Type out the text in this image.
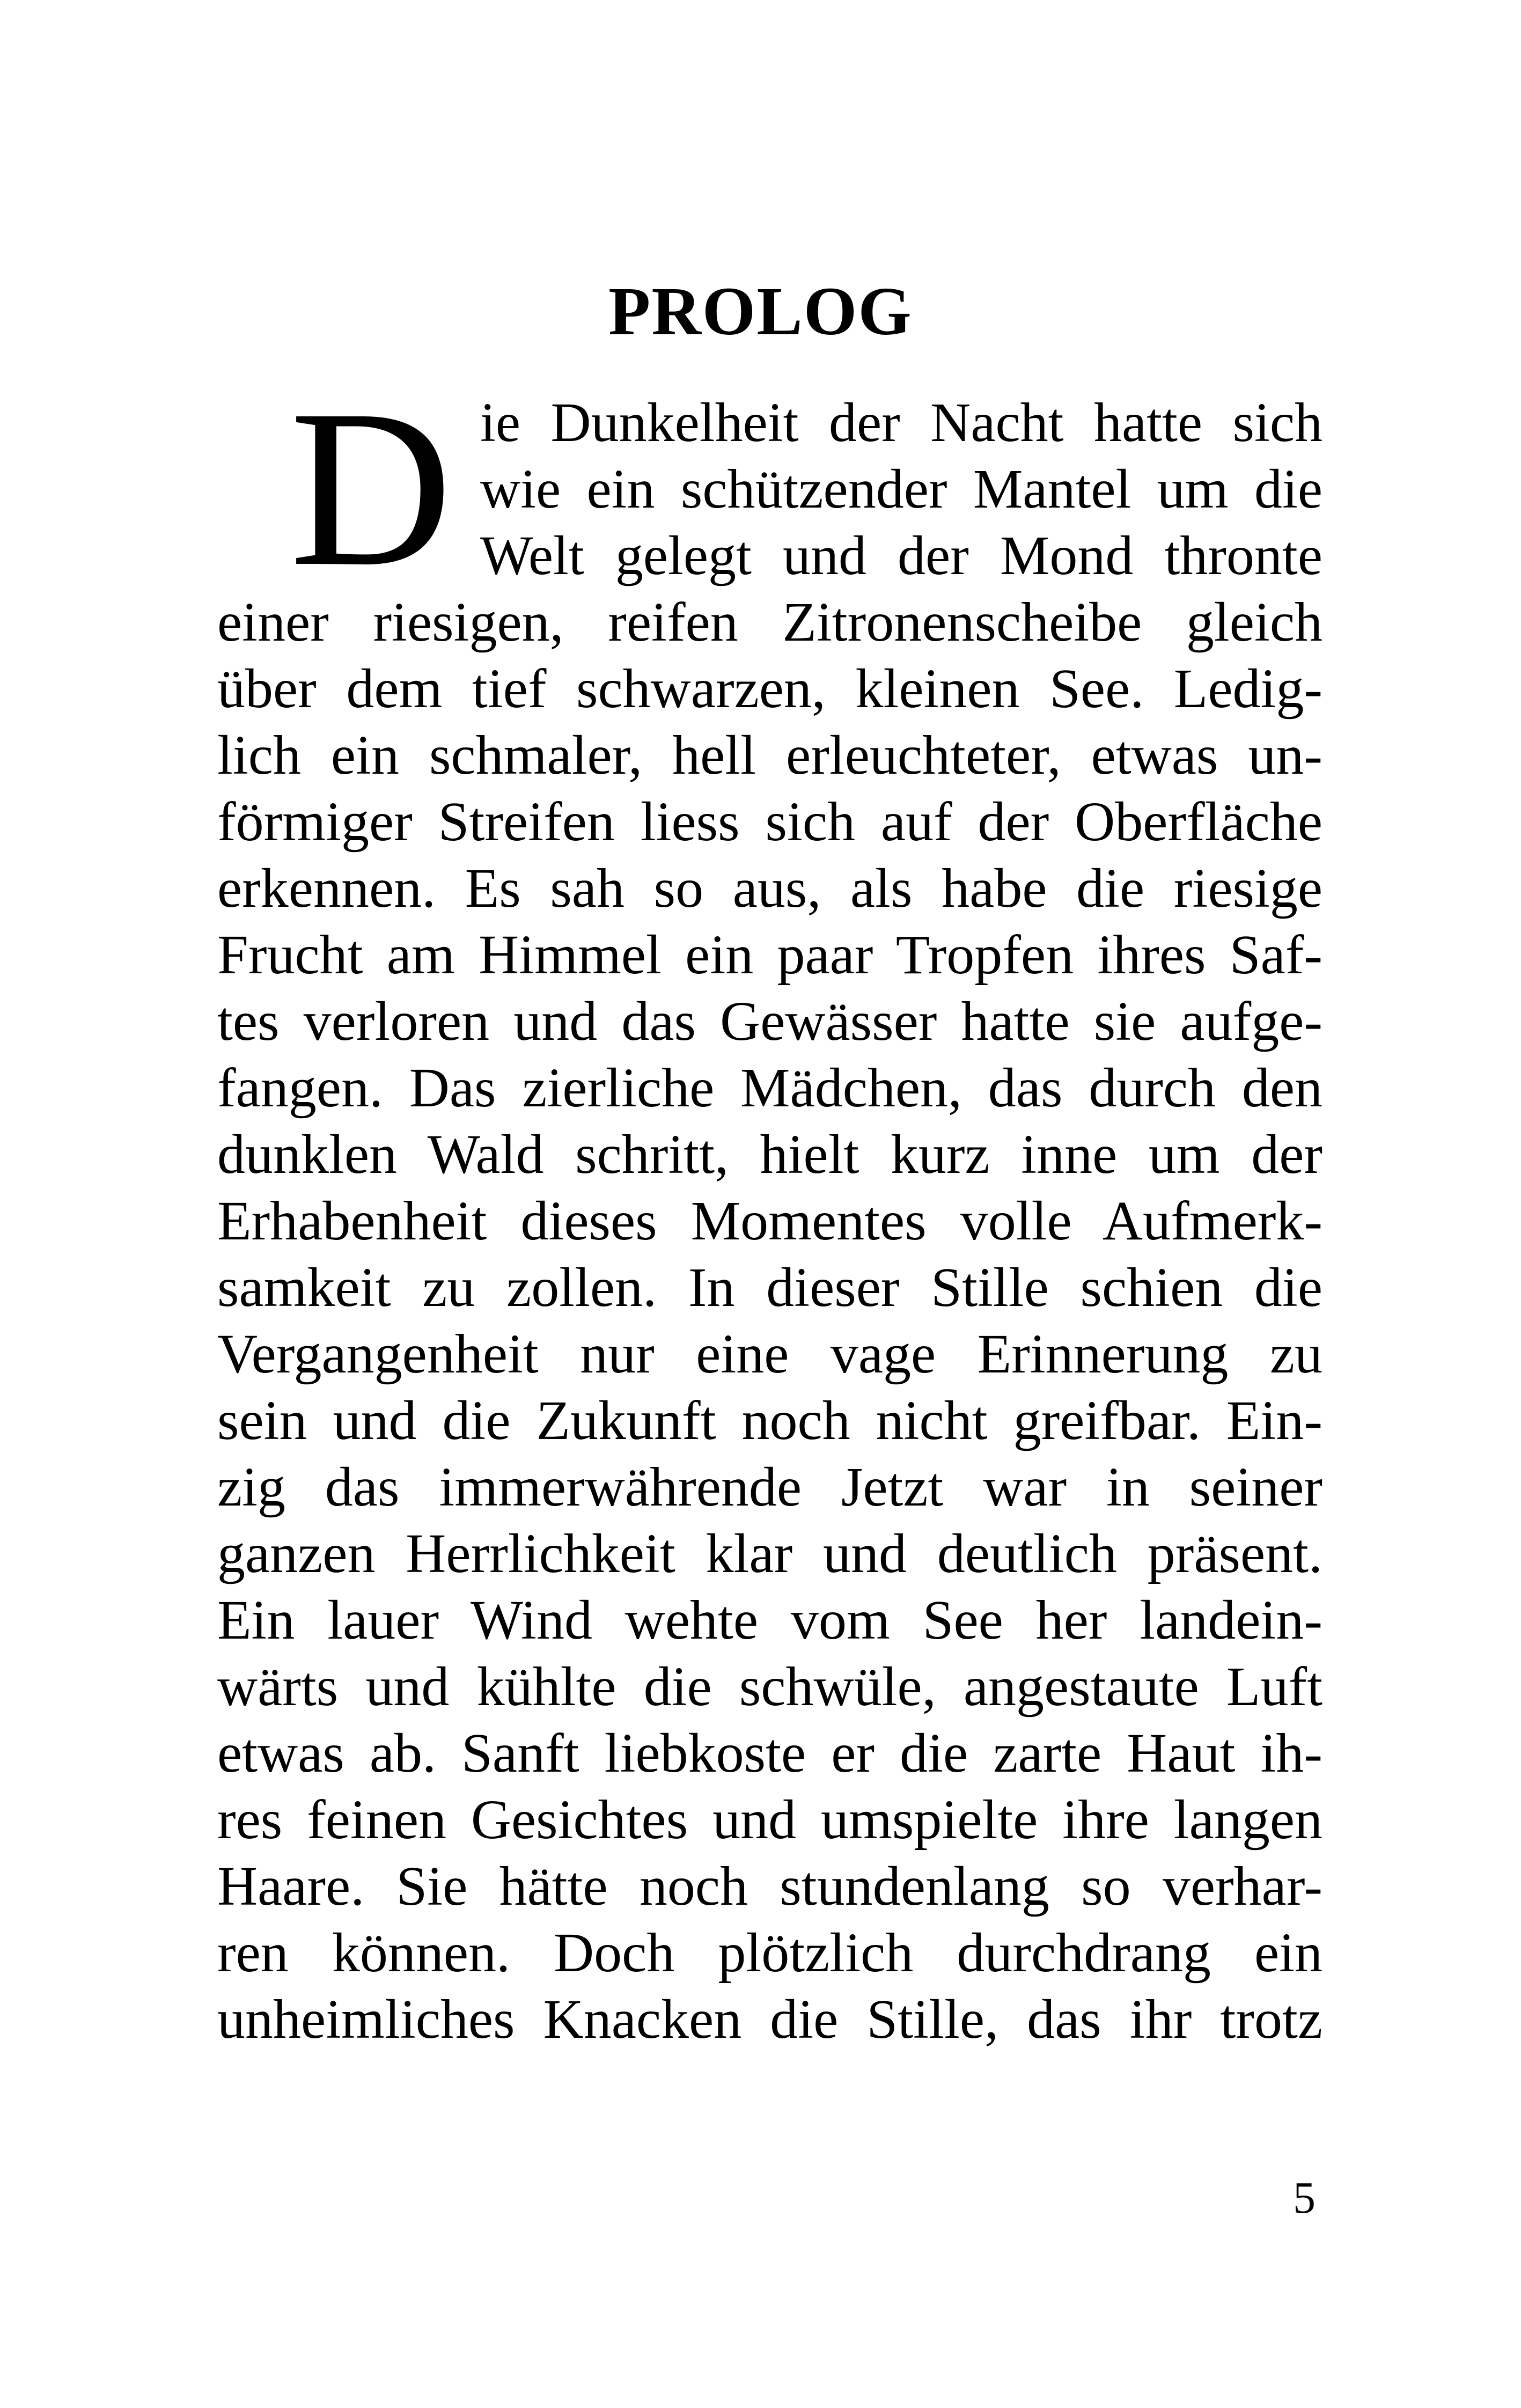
PROLOG
D ie Dunkelheit der Nacht hatte sich
wie ein schützender Mantel um die
Welt gelegt und der Mond thronte
einer riesigen, reifen Zitronenscheibe gleich
über dem tief schwarzen, kleinen See. Ledig-
lich ein schmaler, hell erleuchteter, etwas un-
förmiger Streifen liess sich auf der Oberfläche
erkennen. Es sah so aus, als habe die riesige
Frucht am Himmel ein paar Tropfen ihres Saf-
tes verloren und das Gewässer hatte sie aufge-
fangen. Das zierliche Mädchen, das durch den
dunklen Wald schritt, hielt kurz inne um der
Erhabenheit dieses Momentes volle Aufmerk-
samkeit zu zollen. In dieser Stille schien die
Vergangenheit nur eine vage Erinnerung zu
sein und die Zukunft noch nicht greifbar. Ein-
zig das immerwährende Jetzt war in seiner
ganzen Herrlichkeit klar und deutlich präsent.
Ein lauer Wind wehte vom See her landein-
wärts und kühlte die schwüle, angestaute Luft
etwas ab. Sanft liebkoste er die zarte Haut ih-
res feinen Gesichtes und umspielte ihre langen
Haare. Sie hätte noch stundenlang so verhar-
ren können. Doch plötzlich durchdrang ein
unheimliches Knacken die Stille, das ihr trotz
5
